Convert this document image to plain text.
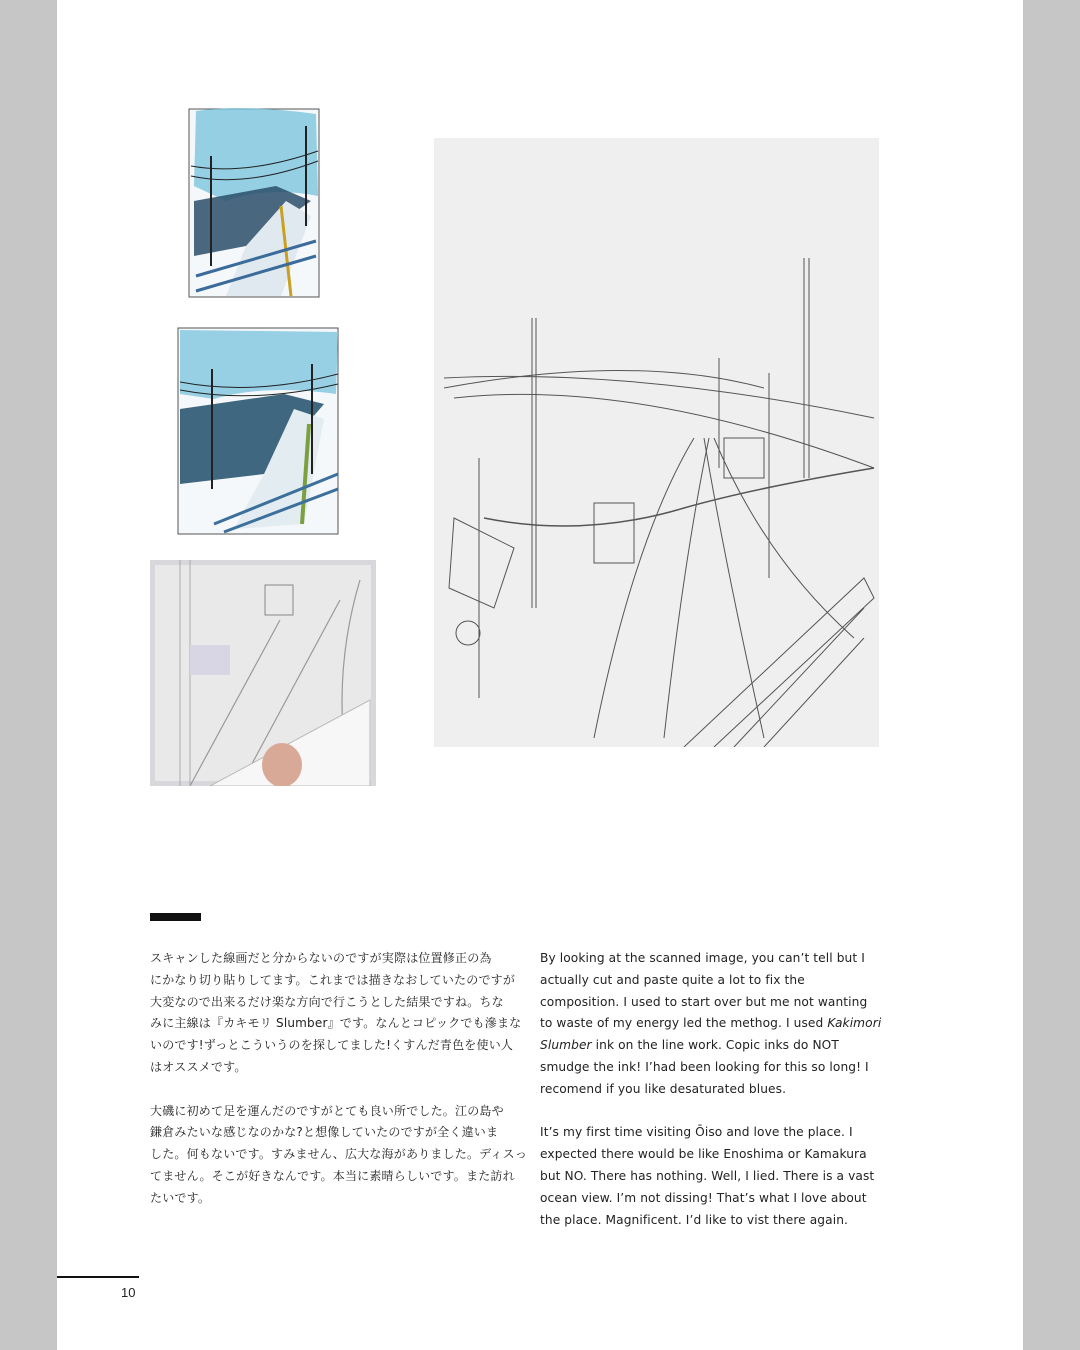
スキャンした線画だと分からないのですが実際は位置修正の為
にかなり切り貼りしてます。これまでは描きなおしていたのですが
大変なので出来るだけ楽な方向で行こうとした結果ですね。ちな
みに主線は『カキモリ Slumber』です。なんとコピックでも滲まな
いのです!ずっとこういうのを探してました!くすんだ青色を使い人
はオススメです。

大磯に初めて足を運んだのですがとても良い所でした。江の島や
鎌倉みたいな感じなのかな?と想像していたのですが全く違いま
した。何もないです。すみません、広大な海がありました。ディスっ
てません。そこが好きなんです。本当に素晴らしいです。また訪れ
たいです。

By looking at the scanned image, you can’t tell but I
actually cut and paste quite a lot to fix the
composition. I used to start over but me not wanting
to waste of my energy led the methog. I used Kakimori
Slumber ink on the line work. Copic inks do NOT
smudge the ink! I’had been looking for this so long! I
recomend if you like desaturated blues.

It’s my first time visiting Ōiso and love the place. I
expected there would be like Enoshima or Kamakura
but NO. There has nothing. Well, I lied. There is a vast
ocean view. I’m not dissing! That’s what I love about
the place. Magnificent. I’d like to vist there again.

10
